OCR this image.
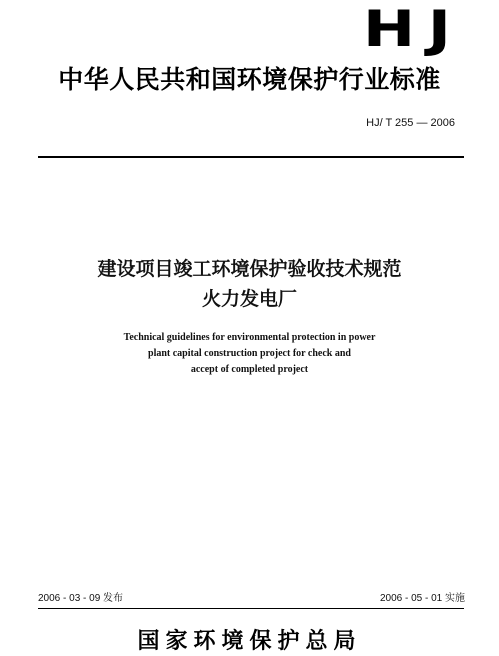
HJ
中华人民共和国环境保护行业标准
HJ/ T 255 — 2006
建设项目竣工环境保护验收技术规范
火力发电厂
Technical guidelines for environmental protection in power
plant capital construction project for check and
accept of completed project
2006 - 03 - 09 发布	2006 - 05 - 01 实施
国家环境保护总局
